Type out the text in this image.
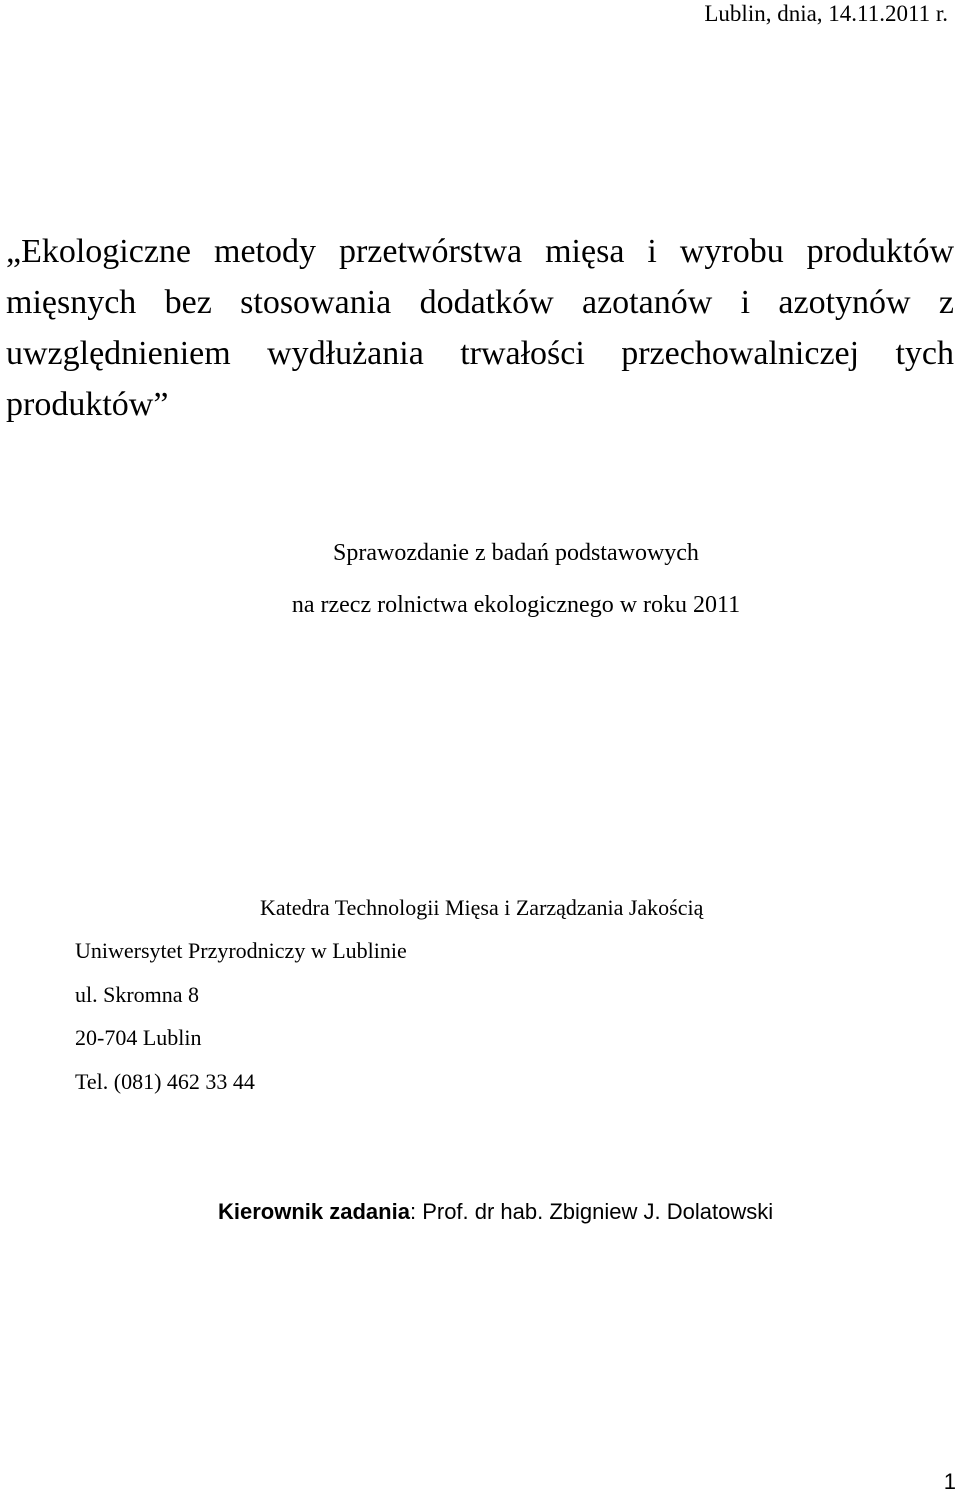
Lublin, dnia, 14.11.2011 r.
„Ekologiczne metody przetwórstwa mięsa i wyrobu produktów mięsnych bez stosowania dodatków azotanów i azotynów z uwzględnieniem wydłużania trwałości przechowalniczej tych produktów”
Sprawozdanie z badań podstawowych
na rzecz rolnictwa ekologicznego w roku 2011
Katedra Technologii Mięsa i Zarządzania Jakością
Uniwersytet Przyrodniczy w Lublinie
ul. Skromna 8
20-704 Lublin
Tel. (081) 462 33 44
Kierownik zadania: Prof. dr hab. Zbigniew J. Dolatowski
1
